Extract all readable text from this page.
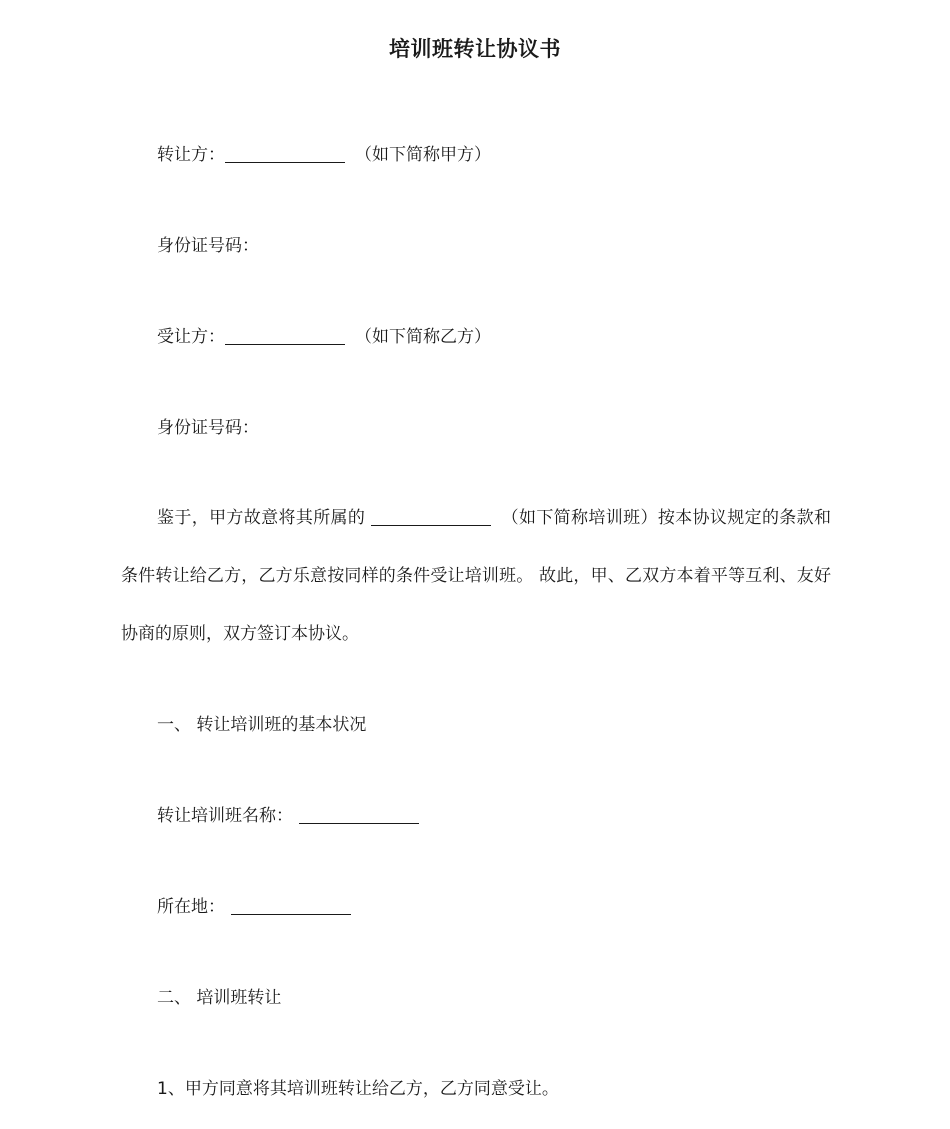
培训班转让协议书
转让方：	（如下简称甲方）
身份证号码：
受让方：	（如下简称乙方）
身份证号码：
鉴于，甲方故意将其所属的	（如下简称培训班）按本协议规定的条款和条件转让给乙方，乙方乐意按同样的条件受让培训班。 故此，甲、乙双方本着平等互利、友好协商的原则，双方签订本协议。
一、 转让培训班的基本状况
转让培训班名称：
所在地：
二、 培训班转让
1、甲方同意将其培训班转让给乙方，乙方同意受让。
